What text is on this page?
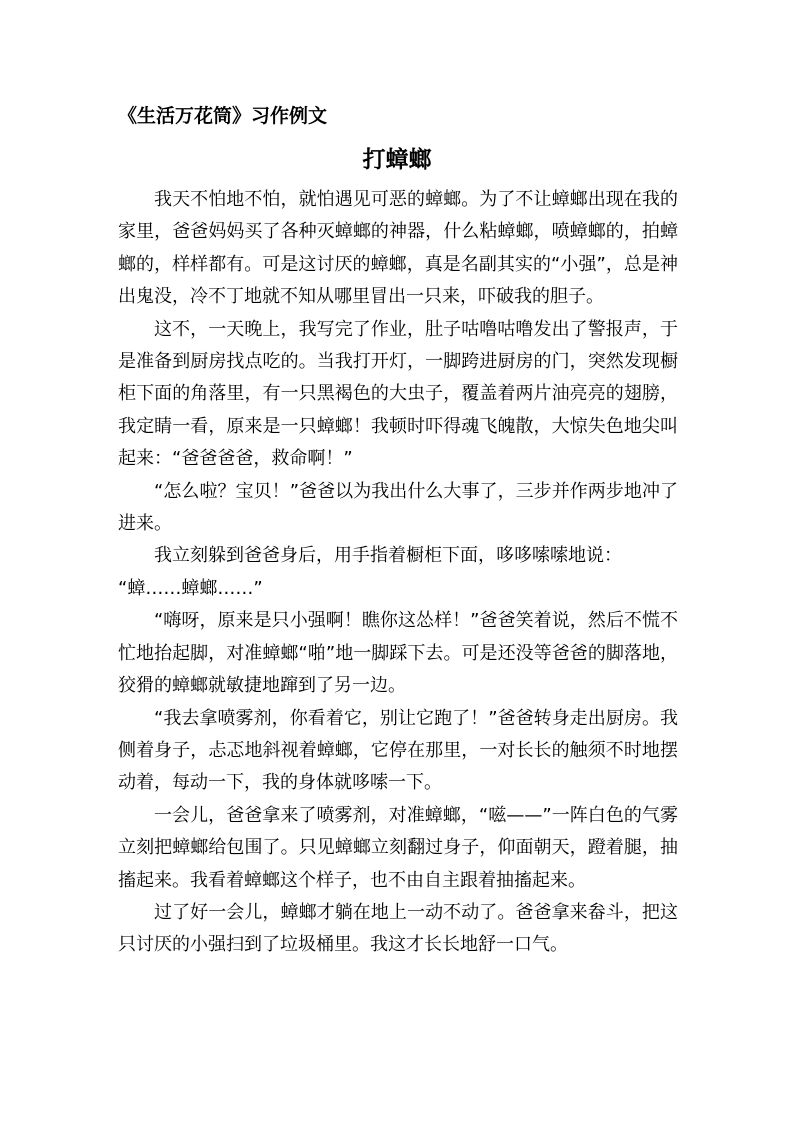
《生活万花筒》习作例文
打蟑螂

我天不怕地不怕，就怕遇见可恶的蟑螂。为了不让蟑螂出现在我的家里，爸爸妈妈买了各种灭蟑螂的神器，什么粘蟑螂，喷蟑螂的，拍蟑螂的，样样都有。可是这讨厌的蟑螂，真是名副其实的“小强”，总是神出鬼没，冷不丁地就不知从哪里冒出一只来，吓破我的胆子。

这不，一天晚上，我写完了作业，肚子咕噜咕噜发出了警报声，于是准备到厨房找点吃的。当我打开灯，一脚跨进厨房的门，突然发现橱柜下面的角落里，有一只黑褐色的大虫子，覆盖着两片油亮亮的翅膀，我定睛一看，原来是一只蟑螂！我顿时吓得魂飞魄散，大惊失色地尖叫起来：“爸爸爸爸，救命啊！”

“怎么啦？宝贝！”爸爸以为我出什么大事了，三步并作两步地冲了进来。

我立刻躲到爸爸身后，用手指着橱柜下面，哆哆嗦嗦地说：

“蟑……蟑螂……”

“嗨呀，原来是只小强啊！瞧你这怂样！”爸爸笑着说，然后不慌不忙地抬起脚，对准蟑螂“啪”地一脚踩下去。可是还没等爸爸的脚落地，狡猾的蟑螂就敏捷地蹿到了另一边。

“我去拿喷雾剂，你看着它，别让它跑了！”爸爸转身走出厨房。我侧着身子，忐忑地斜视着蟑螂，它停在那里，一对长长的触须不时地摆动着，每动一下，我的身体就哆嗦一下。

一会儿，爸爸拿来了喷雾剂，对准蟑螂，“嗞——”一阵白色的气雾立刻把蟑螂给包围了。只见蟑螂立刻翻过身子，仰面朝天，蹬着腿，抽搐起来。我看着蟑螂这个样子，也不由自主跟着抽搐起来。

过了好一会儿，蟑螂才躺在地上一动不动了。爸爸拿来畚斗，把这只讨厌的小强扫到了垃圾桶里。我这才长长地舒一口气。
